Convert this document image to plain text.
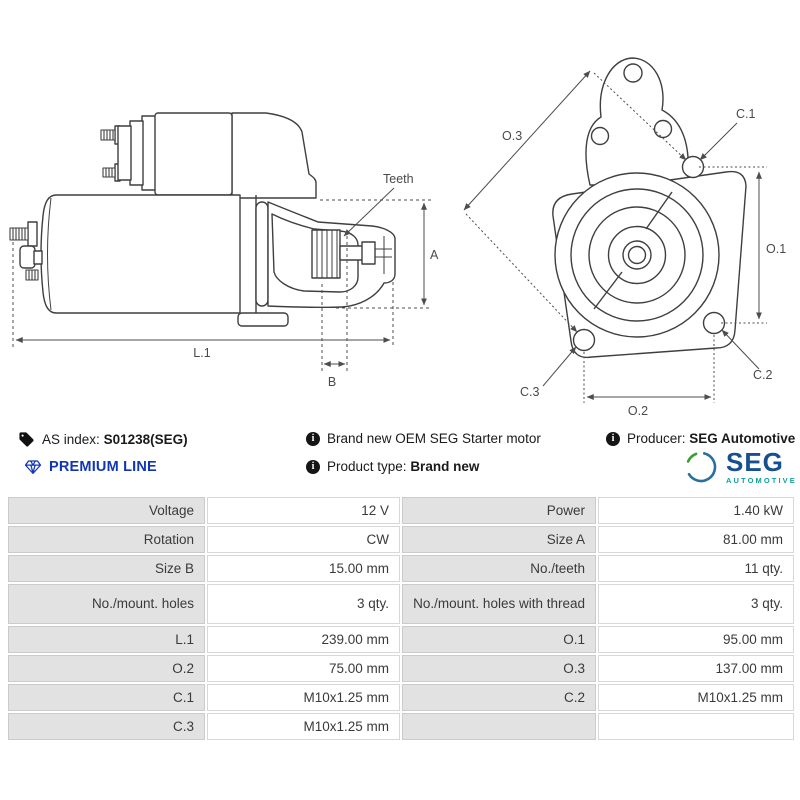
Teeth
A
L.1
B
O.3
C.1
O.1
C.2
C.3
O.2
AS index: S01238(SEG)
PREMIUM LINE
i
Brand new OEM SEG Starter motor
i
Product type: Brand new
i
Producer: SEG Automotive
SEG
AUTOMOTIVE
Voltage	12 V	Power	1.40 kW
Rotation	CW	Size A	81.00 mm
Size B	15.00 mm	No./teeth	11 qty.
No./mount. holes	3 qty.	No./mount. holes with thread	3 qty.
L.1	239.00 mm	O.1	95.00 mm
O.2	75.00 mm	O.3	137.00 mm
C.1	M10x1.25 mm	C.2	M10x1.25 mm
C.3	M10x1.25 mm
